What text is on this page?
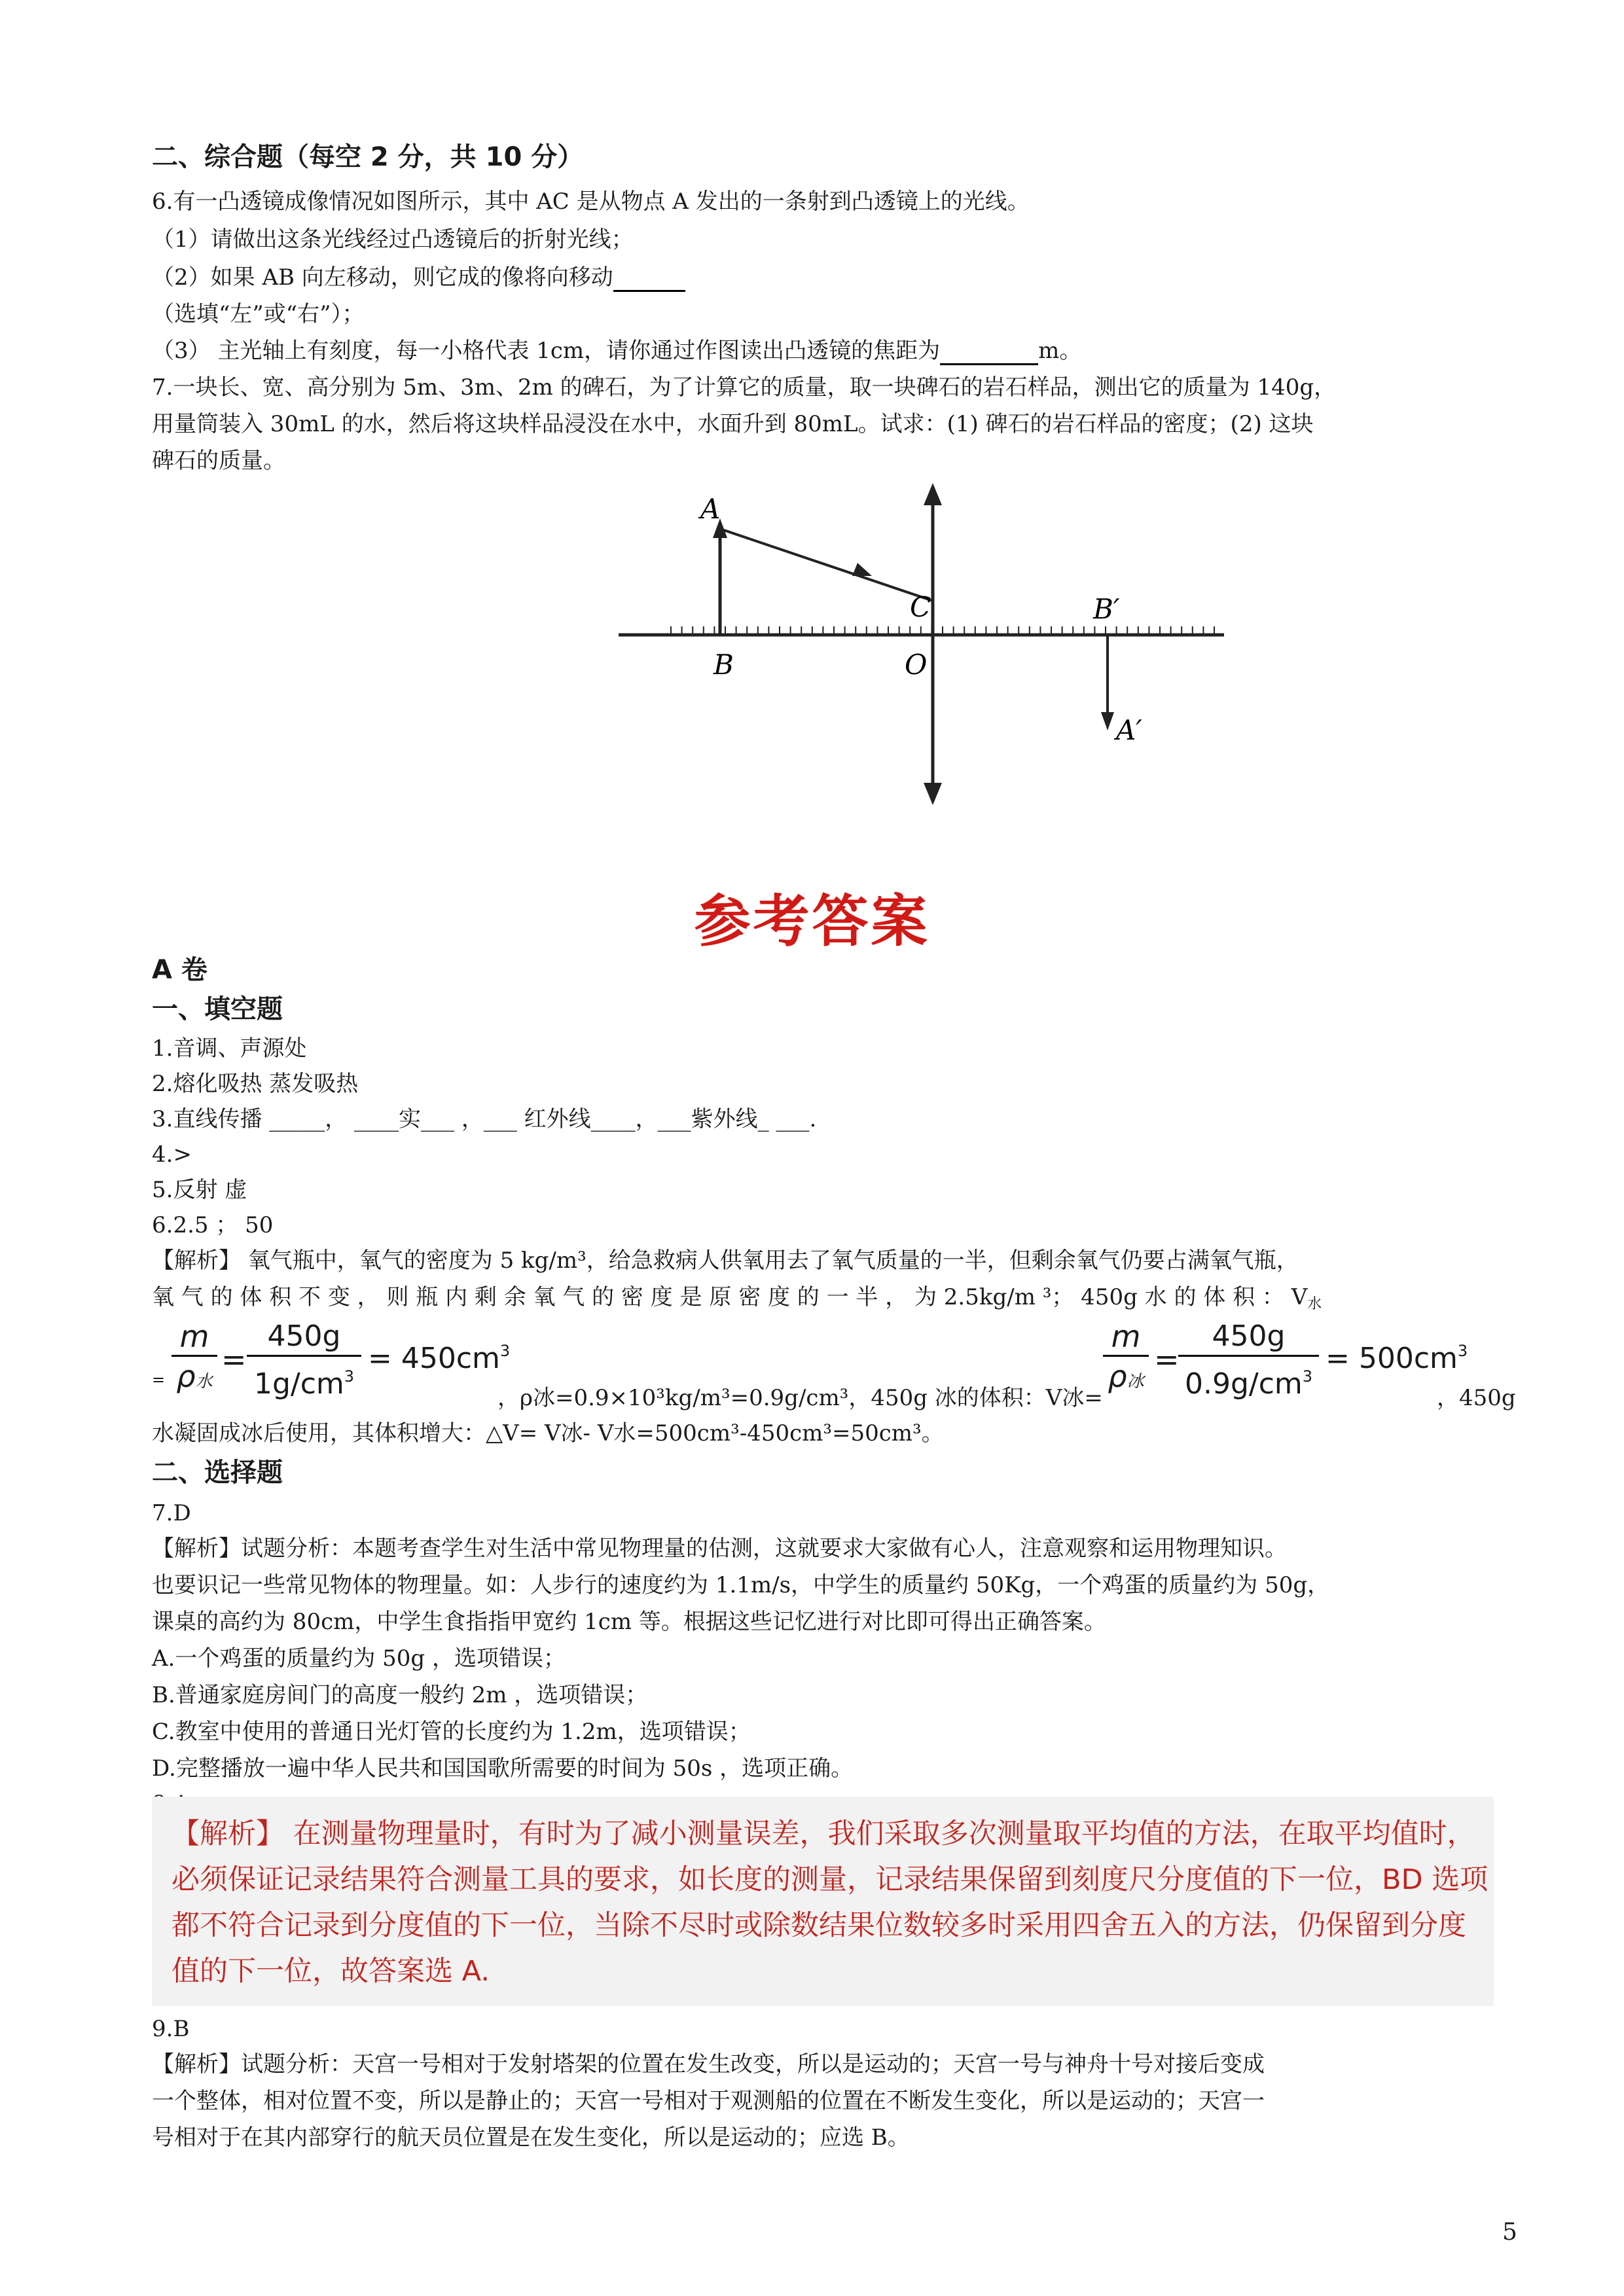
二、综合题（每空 2 分，共 10 分）
6.有一凸透镜成像情况如图所示，其中 AC 是从物点 A 发出的一条射到凸透镜上的光线。
（1）请做出这条光线经过凸透镜后的折射光线；
（2）如果 AB 向左移动，则它成的像将向移动
（选填“左”或“右”）；
（3） 主光轴上有刻度，每一小格代表 1cm，请你通过作图读出凸透镜的焦距为	m。
7.一块长、宽、高分别为 5m、3m、2m 的碑石，为了计算它的质量，取一块碑石的岩石样品，测出它的质量为 140g，
用量筒装入 30mL 的水，然后将这块样品浸没在水中，水面升到 80mL。试求：(1) 碑石的岩石样品的密度；(2) 这块
碑石的质量。
A
B
C
O
B′
A′
参考答案
A 卷
一、填空题
1.音调、声源处
2.熔化吸热 蒸发吸热
3.直线传播 _____， ____实___ ，___ 红外线____，___紫外线_ ___.
4.>
5.反射 虚
6.2.5 ； 50
【解析】 氧气瓶中，氧气的密度为 5 kg/m³，给急救病人供氧用去了氧气质量的一半，但剩余氧气仍要占满氧气瓶，
氧 气 的 体 积 不 变 ， 则 瓶 内 剩 余 氧 气 的 密 度 是 原 密 度 的 一 半 ， 为 2.5kg/m ³； 450g 水 的 体 积 ： $V_水$
=
m
ρ水
= $\frac{450g}{1g/cm^3} = 450cm^3$
，ρ冰=0.9×10³kg/m³=0.9g/cm³，450g 冰的体积：V冰=
m
ρ冰
=
$\frac{450g}{0.9g/cm^3} = 500cm^3$
，450g
水凝固成冰后使用，其体积增大：△V= V冰- V水=500cm³-450cm³=50cm³。
二、选择题
7.D
【解析】试题分析：本题考查学生对生活中常见物理量的估测，这就要求大家做有心人，注意观察和运用物理知识。
也要识记一些常见物体的物理量。如：人步行的速度约为 1.1m/s，中学生的质量约 50Kg，一个鸡蛋的质量约为 50g，
课桌的高约为 80cm，中学生食指指甲宽约 1cm 等。根据这些记忆进行对比即可得出正确答案。
A.一个鸡蛋的质量约为 50g ，选项错误；
B.普通家庭房间门的高度一般约 2m ，选项错误；
C.教室中使用的普通日光灯管的长度约为 1.2m，选项错误；
D.完整播放一遍中华人民共和国国歌所需要的时间为 50s ，选项正确。
【解析】 在测量物理量时，有时为了减小测量误差，我们采取多次测量取平均值的方法，在取平均值时，
必须保证记录结果符合测量工具的要求，如长度的测量，记录结果保留到刻度尺分度值的下一位，BD 选项
都不符合记录到分度值的下一位，当除不尽时或除数结果位数较多时采用四舍五入的方法，仍保留到分度
值的下一位，故答案选 A.
9.B
【解析】试题分析：天宫一号相对于发射塔架的位置在发生改变，所以是运动的；天宫一号与神舟十号对接后变成
一个整体，相对位置不变，所以是静止的；天宫一号相对于观测船的位置在不断发生变化，所以是运动的；天宫一
号相对于在其内部穿行的航天员位置是在发生变化，所以是运动的；应选 B。
5
